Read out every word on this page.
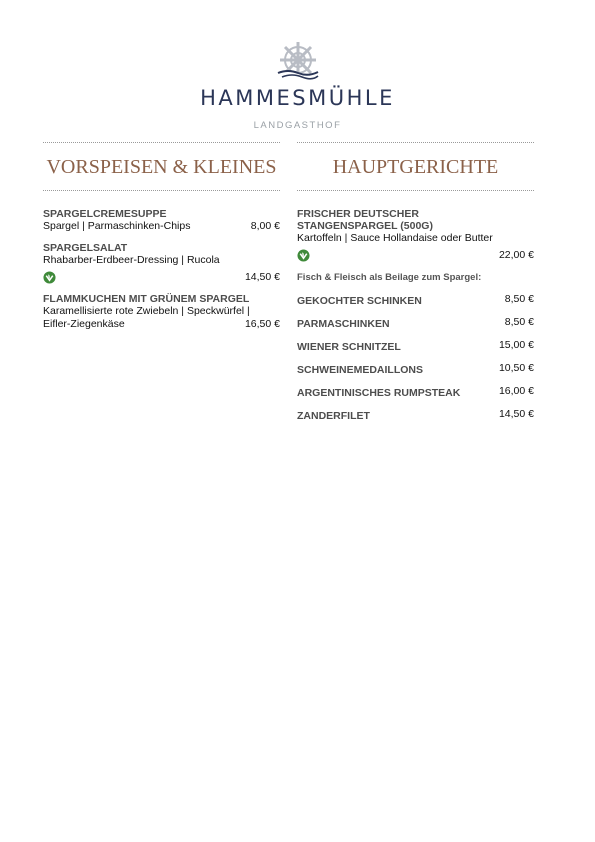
HAMMESMÜHLE
LANDGASTHOF
VORSPEISEN & KLEINES
SPARGELCREMESUPPE
Spargel | Parmaschinken-Chips	8,00 €
SPARGELSALAT
Rhabarber-Erdbeer-Dressing | Rucola
14,50 €
FLAMMKUCHEN MIT GRÜNEM SPARGEL
Karamellisierte rote Zwiebeln | Speckwürfel |
Eifler-Ziegenkäse	16,50 €
HAUPTGERICHTE
FRISCHER DEUTSCHER
STANGENSPARGEL (500G)
Kartoffeln | Sauce Hollandaise oder Butter
22,00 €
Fisch & Fleisch als Beilage zum Spargel:
GEKOCHTER SCHINKEN	8,50 €
PARMASCHINKEN	8,50 €
WIENER SCHNITZEL	15,00 €
SCHWEINEMEDAILLONS	10,50 €
ARGENTINISCHES RUMPSTEAK	16,00 €
ZANDERFILET	14,50 €
